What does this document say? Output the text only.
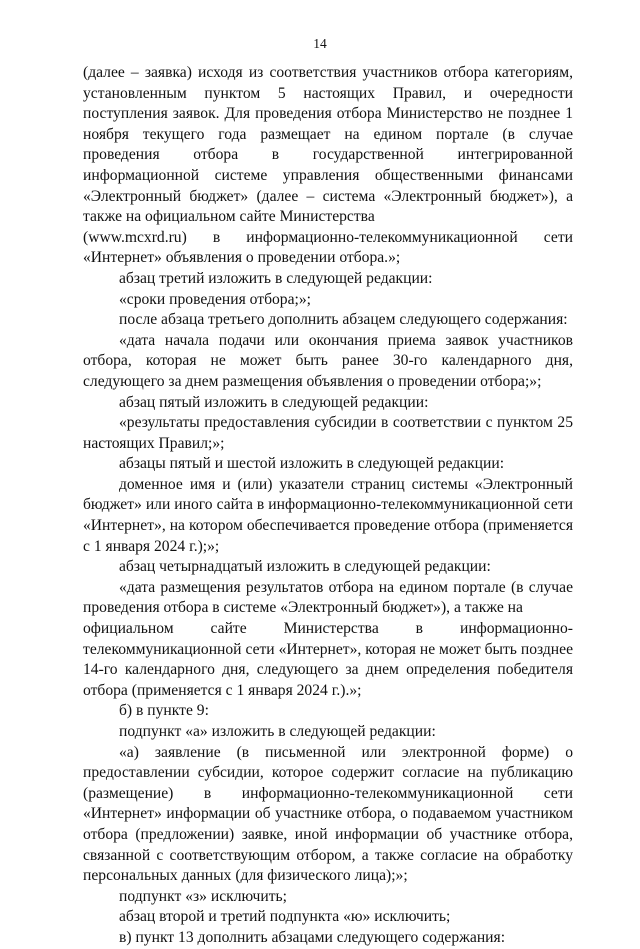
14

(далее – заявка) исходя из соответствия участников отбора категориям, установленным пунктом 5 настоящих Правил, и очередности поступления заявок. Для проведения отбора Министерство не позднее 1 ноября текущего года размещает на едином портале (в случае проведения отбора в государственной интегрированной информационной системе управления общественными финансами «Электронный бюджет» (далее – система «Электронный бюджет»), а также на официальном сайте Министерства

(www.mcxrd.ru) в информационно-телекоммуникационной сети

«Интернет» объявления о проведении отбора.»;

абзац третий изложить в следующей редакции:

«сроки проведения отбора;»;

после абзаца третьего дополнить абзацем следующего содержания:

«дата начала подачи или окончания приема заявок участников отбора, которая не может быть ранее 30-го календарного дня, следующего за днем размещения объявления о проведении отбора;»;

абзац пятый изложить в следующей редакции:

«результаты предоставления субсидии в соответствии с пунктом 25 настоящих Правил;»;

абзацы пятый и шестой изложить в следующей редакции:

доменное имя и (или) указатели страниц системы «Электронный бюджет» или иного сайта в информационно-телекоммуникационной сети «Интернет», на котором обеспечивается проведение отбора (применяется с 1 января 2024 г.);»;

абзац четырнадцатый изложить в следующей редакции:

«дата размещения результатов отбора на едином портале (в случае проведения отбора в системе «Электронный бюджет»), а также на

официальном сайте Министерства в информационно-

телекоммуникационной сети «Интернет», которая не может быть позднее 14-го календарного дня, следующего за днем определения победителя отбора (применяется с 1 января 2024 г.).»;

б) в пункте 9:

подпункт «а» изложить в следующей редакции:

«а) заявление (в письменной или электронной форме) о предоставлении субсидии, которое содержит согласие на публикацию (размещение) в информационно-телекоммуникационной сети «Интернет» информации об участнике отбора, о подаваемом участником отбора (предложении) заявке, иной информации об участнике отбора, связанной с соответствующим отбором, а также согласие на обработку персональных данных (для физического лица);»;

подпункт «з» исключить;

абзац второй и третий подпункта «ю» исключить;

в) пункт 13 дополнить абзацами следующего содержания:
